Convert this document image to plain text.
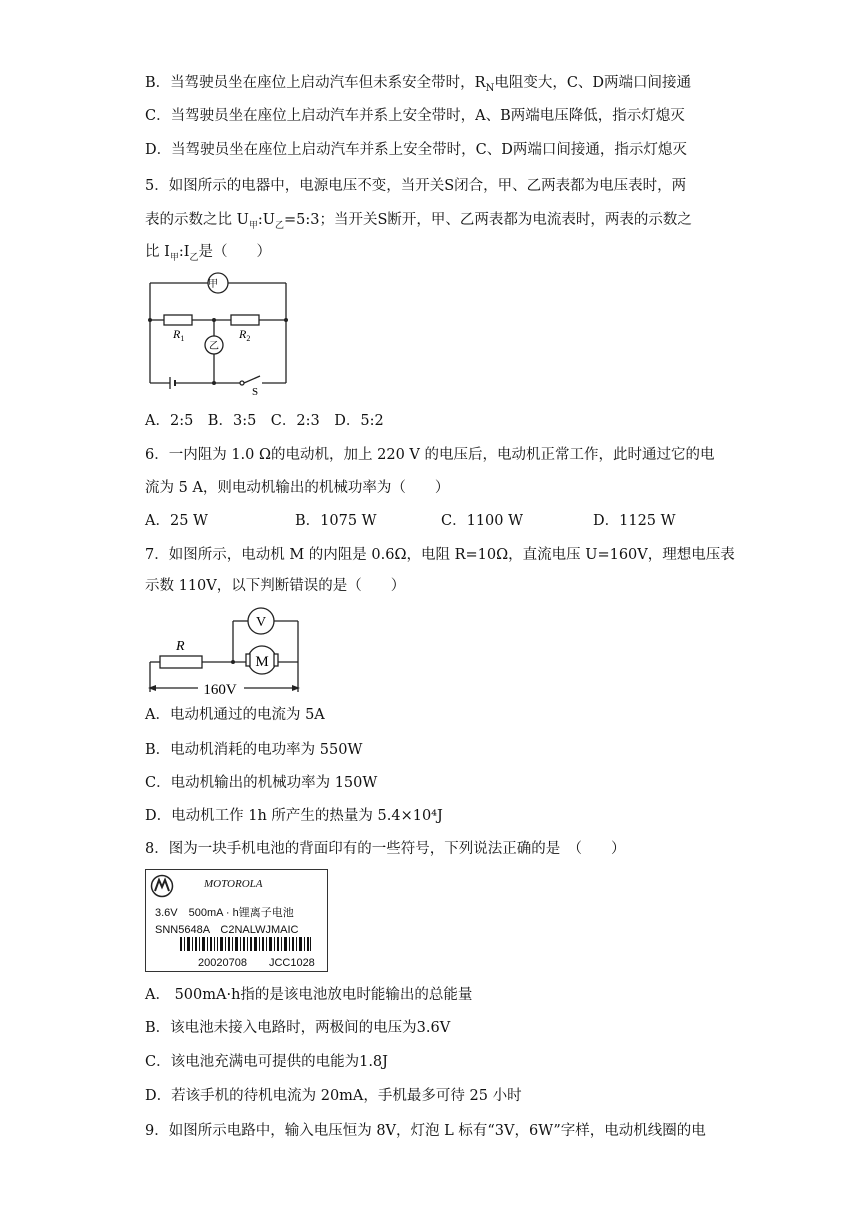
B．当驾驶员坐在座位上启动汽车但未系安全带时，$R_N$电阻变大，C、D两端口间接通
C．当驾驶员坐在座位上启动汽车并系上安全带时，A、B两端电压降低，指示灯熄灭
D．当驾驶员坐在座位上启动汽车并系上安全带时，C、D两端口间接通，指示灯熄灭
5．如图所示的电器中，电源电压不变，当开关S闭合，甲、乙两表都为电压表时，两
表的示数之比 $U_甲:U_乙=5:3$；当开关S断开，甲、乙两表都为电流表时，两表的示数之
比 $I_甲:I_乙$是（　　）
甲
乙
$R_1$	$R_2$
S
A．2:5　B．3:5　C．2:3　D．5:2
6．一内阻为 1.0 Ω的电动机，加上 220 V 的电压后，电动机正常工作，此时通过它的电
流为 5 A，则电动机输出的机械功率为（　　）
A．25 W	B．1075 W	C．1100 W	D．1125 W
7．如图所示，电动机 M 的内阻是 0.6Ω，电阻 R=10Ω，直流电压 U=160V，理想电压表
示数 110V，以下判断错误的是（　　）
R
V
M
160V
A．电动机通过的电流为 5A
B．电动机消耗的电功率为 550W
C．电动机输出的机械功率为 150W
D．电动机工作 1h 所产生的热量为 5.4×10⁴J
8．图为一块手机电池的背面印有的一些符号，下列说法正确的是　（　　）
MOTOROLA
3.6V　500mA · h锂离子电池
SNN5648A　C2NALWJMAIC
20020708　　JCC1028
A． 500mA·h指的是该电池放电时能输出的总能量
B．该电池未接入电路时，两极间的电压为3.6V
C．该电池充满电可提供的电能为1.8J
D．若该手机的待机电流为 20mA，手机最多可待 25 小时
9．如图所示电路中，输入电压恒为 8V，灯泡 L 标有“3V，6W”字样，电动机线圈的电
